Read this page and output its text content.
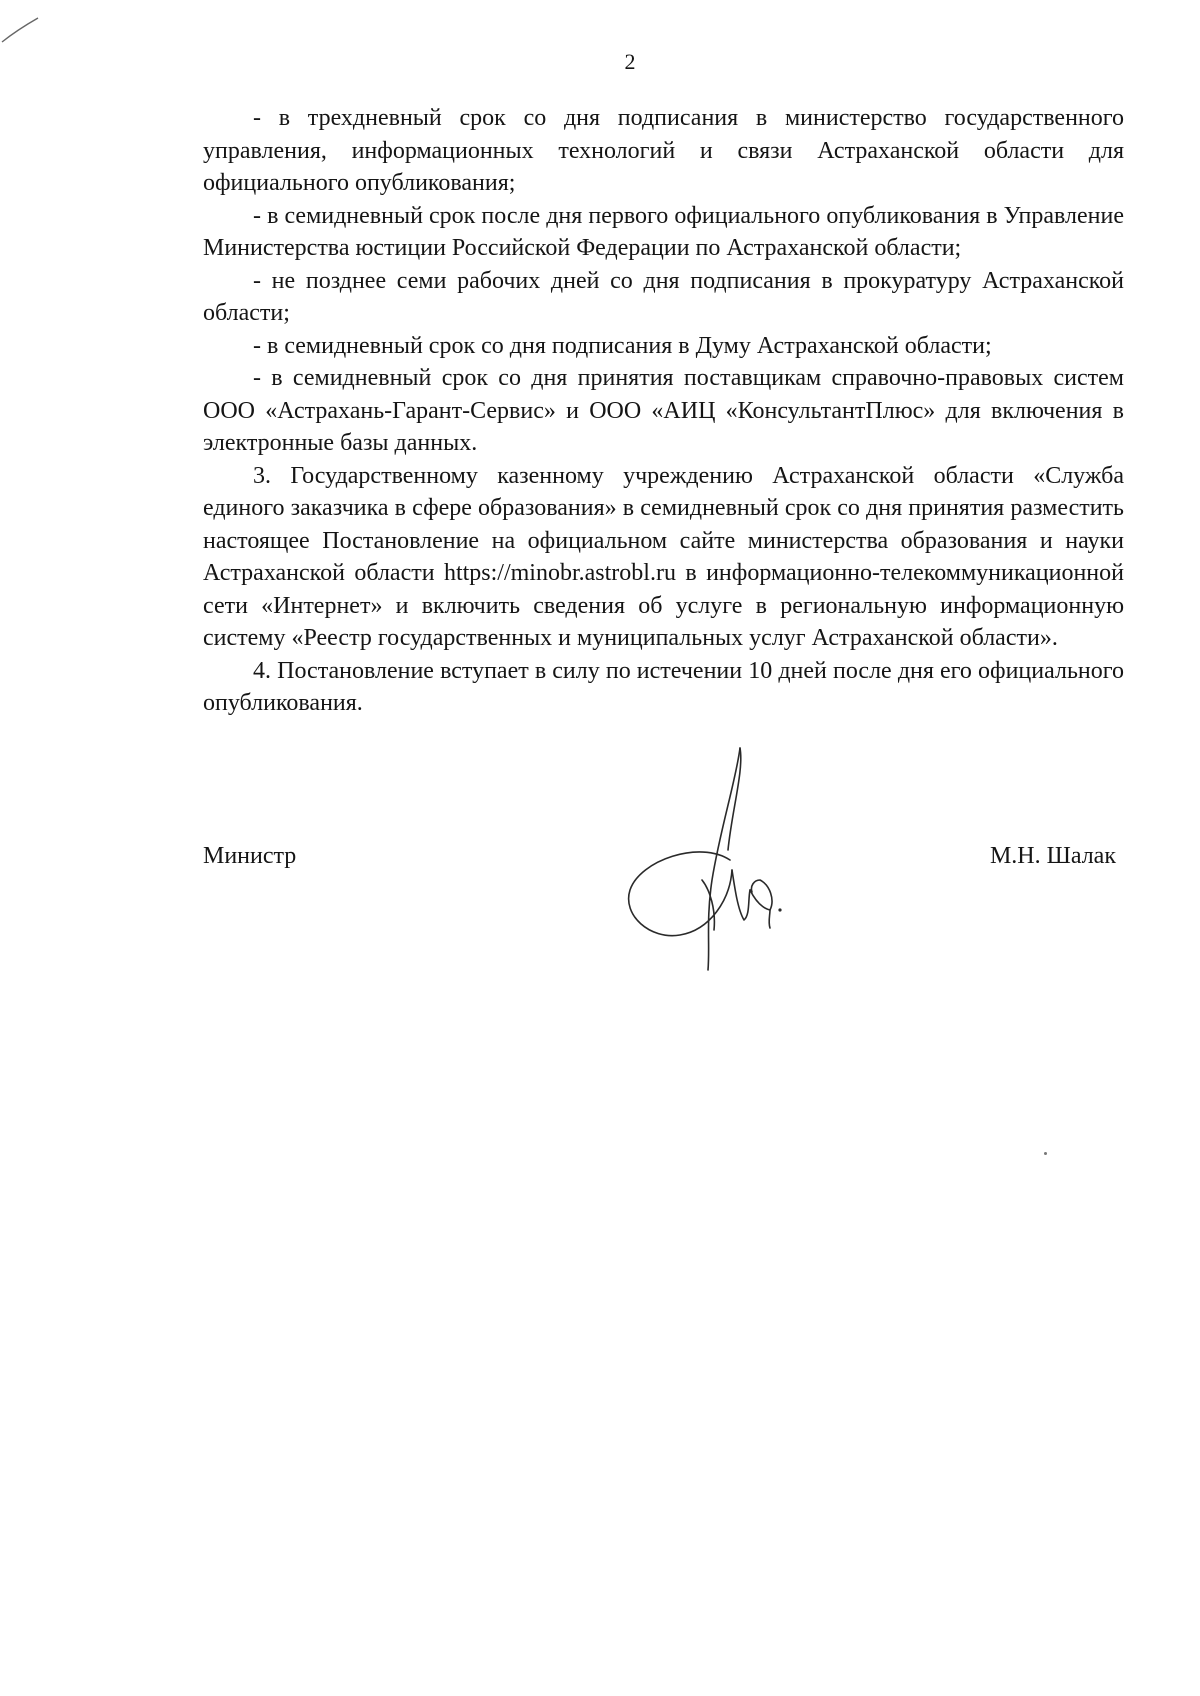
2

- в трехдневный срок со дня подписания в министерство государственного управления, информационных технологий и связи Астраханской области для официального опубликования;

- в семидневный срок после дня первого официального опубликования в Управление Министерства юстиции Российской Федерации по Астраханской области;

- не позднее семи рабочих дней со дня подписания в прокуратуру Астраханской области;

- в семидневный срок со дня подписания в Думу Астраханской области;

- в семидневный срок со дня принятия поставщикам справочно-правовых систем ООО «Астрахань-Гарант-Сервис» и ООО «АИЦ «КонсультантПлюс» для включения в электронные базы данных.

3. Государственному казенному учреждению Астраханской области «Служба единого заказчика в сфере образования» в семидневный срок со дня принятия разместить настоящее Постановление на официальном сайте министерства образования и науки Астраханской области https://minobr.astrobl.ru в информационно-телекоммуникационной сети «Интернет» и включить сведения об услуге в региональную информационную систему «Реестр государственных и муниципальных услуг Астраханской области».

4. Постановление вступает в силу по истечении 10 дней после дня его официального опубликования.

Министр	М.Н. Шалак
